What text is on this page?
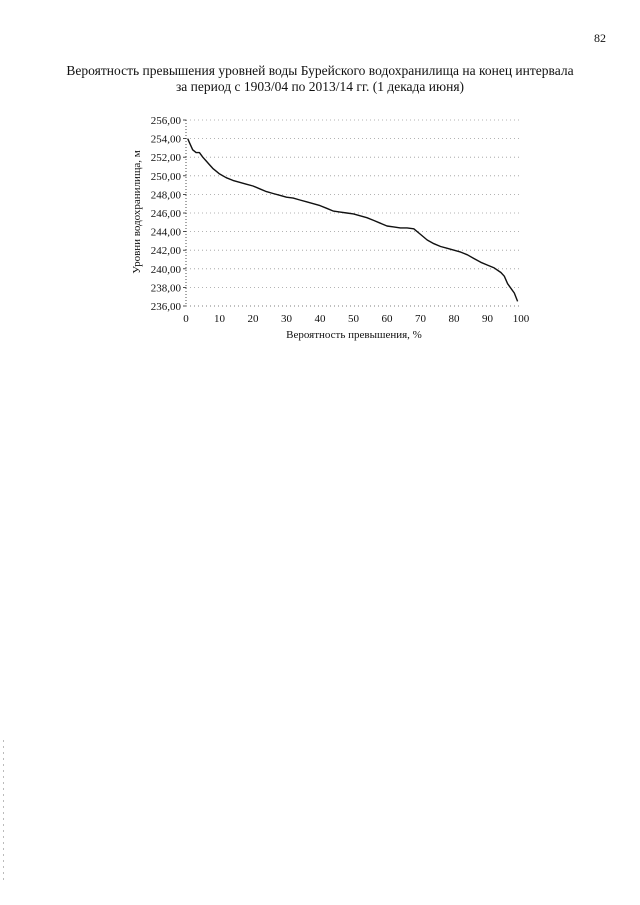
82
Вероятность превышения уровней воды Бурейского водохранилища на конец интервала
за период с 1903/04 по 2013/14 гг. (1 декада июня)
236,00
238,00
240,00
242,00
244,00
246,00
248,00
250,00
252,00
254,00
256,00
0 10 20 30 40 50 60 70 80 90 100
Вероятность превышения, %
Уровни водохранилища, м
